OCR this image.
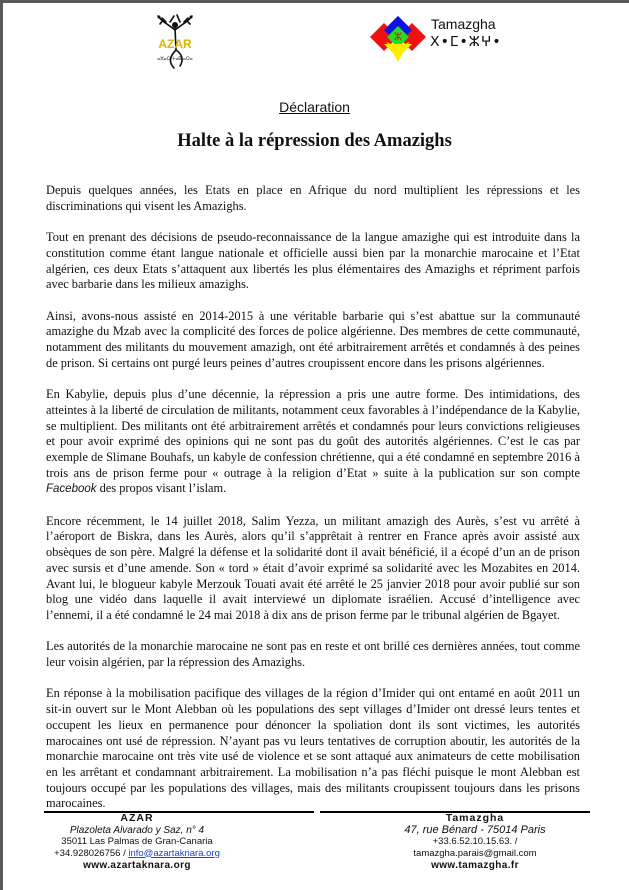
AZAR
ⴰⵣⴰⵔ ⵜⴰⴽⵏⴰⵔⴰ
ⵣ
Tamazgha
ⵝ•ⵎ•ⵣⵖ•
Déclaration
Halte à la répression des Amazighs

Depuis quelques années, les Etats en place en Afrique du nord multiplient les répressions et les discriminations qui visent les Amazighs.

Tout en prenant des décisions de pseudo-reconnaissance de la langue amazighe qui est introduite dans la constitution comme étant langue nationale et officielle aussi bien par la monarchie marocaine et l’Etat algérien, ces deux Etats s’attaquent aux libertés les plus élémentaires des Amazighs et répriment parfois avec barbarie dans les milieux amazighs.

Ainsi, avons-nous assisté en 2014-2015 à une véritable barbarie qui s’est abattue sur la communauté amazighe du Mzab avec la complicité des forces de police algérienne. Des membres de cette communauté, notamment des militants du mouvement amazigh, ont été arbitrairement arrêtés et condamnés à des peines de prison. Si certains ont purgé leurs peines d’autres croupissent encore dans les prisons algériennes.

En Kabylie, depuis plus d’une décennie, la répression a pris une autre forme. Des intimidations, des atteintes à la liberté de circulation de militants, notamment ceux favorables à l’indépendance de la Kabylie, se multiplient. Des militants ont été arbitrairement arrêtés et condamnés pour leurs convictions religieuses et pour avoir exprimé des opinions qui ne sont pas du goût des autorités algériennes. C’est le cas par exemple de Slimane Bouhafs, un kabyle de confession chrétienne, qui a été condamné en septembre 2016 à trois ans de prison ferme pour « outrage à la religion d’Etat » suite à la publication sur son compte Facebook des propos visant l’islam.

Encore récemment, le 14 juillet 2018, Salim Yezza, un militant amazigh des Aurès, s’est vu arrêté à l’aéroport de Biskra, dans les Aurès, alors qu’il s’apprêtait à rentrer en France après avoir assisté aux obsèques de son père. Malgré la défense et la solidarité dont il avait bénéficié, il a écopé d’un an de prison avec sursis et d’une amende. Son « tord » était d’avoir exprimé sa solidarité avec les Mozabites en 2014. Avant lui, le blogueur kabyle Merzouk Touati avait été arrêté le 25 janvier 2018 pour avoir publié sur son blog une vidéo dans laquelle il avait interviewé un diplomate israélien. Accusé d’intelligence avec l’ennemi, il a été condamné le 24 mai 2018 à dix ans de prison ferme par le tribunal algérien de Bgayet.

Les autorités de la monarchie marocaine ne sont pas en reste et ont brillé ces dernières années, tout comme leur voisin algérien, par la répression des Amazighs.

En réponse à la mobilisation pacifique des villages de la région d’Imider qui ont entamé en août 2011 un sit-in ouvert sur le Mont Alebban où les populations des sept villages d’Imider ont dressé leurs tentes et occupent les lieux en permanence pour dénoncer la spoliation dont ils sont victimes, les autorités marocaines ont usé de répression. N’ayant pas vu leurs tentatives de corruption aboutir, les autorités de la monarchie marocaine ont très vite usé de violence et se sont attaqué aux animateurs de cette mobilisation en les arrêtant et condamnant arbitrairement. La mobilisation n’a pas fléchi puisque le mont Alebban est toujours occupé par les populations des villages, mais des militants croupissent toujours dans les prisons marocaines.

AZAR
Plazoleta Alvarado y Saz, n° 4
35011 Las Palmas de Gran-Canaria
+34.928026756 / info@azartaknara.org
www.azartaknara.org
Tamazgha
47, rue Bénard - 75014 Paris
+33.6.52.10.15.63. / tamazgha.parais@gmail.com
www.tamazgha.fr
